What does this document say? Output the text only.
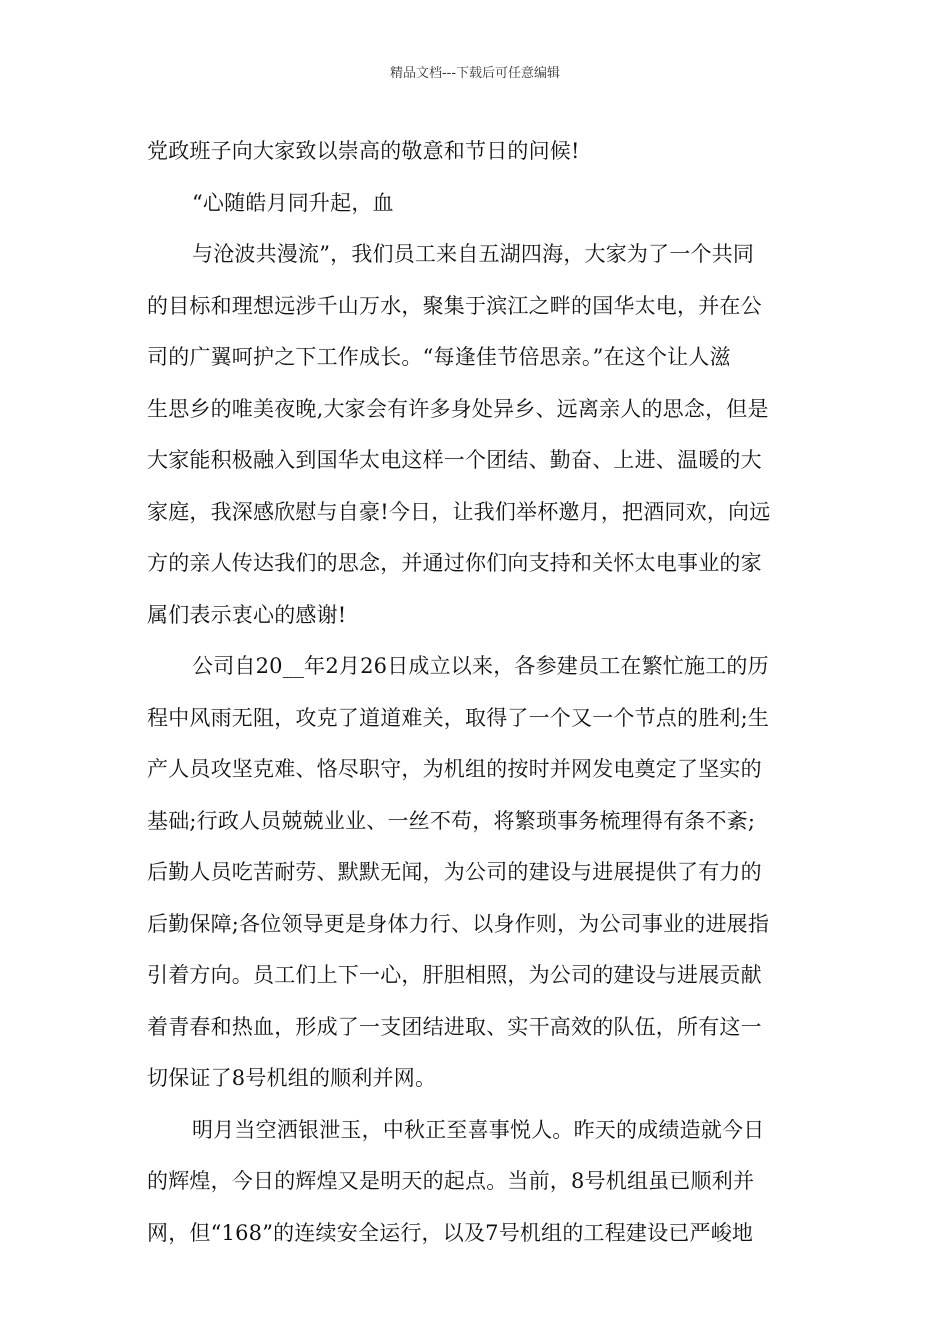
精品文档---下载后可任意编辑
党政班子向大家致以崇高的敬意和节日的问候!
“心随皓月同升起，血
与沧波共漫流”，我们员工来自五湖四海，大家为了一个共同
的目标和理想远涉千山万水，聚集于滨江之畔的国华太电，并在公
司的广翼呵护之下工作成长。“每逢佳节倍思亲。”在这个让人滋
生思乡的唯美夜晚,大家会有许多身处异乡、远离亲人的思念，但是
大家能积极融入到国华太电这样一个团结、勤奋、上进、温暖的大
家庭，我深感欣慰与自豪!今日，让我们举杯邀月，把酒同欢，向远
方的亲人传达我们的思念，并通过你们向支持和关怀太电事业的家
属们表示衷心的感谢!
公司自20__年2月26日成立以来，各参建员工在繁忙施工的历
程中风雨无阻，攻克了道道难关，取得了一个又一个节点的胜利;生
产人员攻坚克难、恪尽职守，为机组的按时并网发电奠定了坚实的
基础;行政人员兢兢业业、一丝不苟，将繁琐事务梳理得有条不紊;
后勤人员吃苦耐劳、默默无闻，为公司的建设与进展提供了有力的
后勤保障;各位领导更是身体力行、以身作则，为公司事业的进展指
引着方向。员工们上下一心，肝胆相照，为公司的建设与进展贡献
着青春和热血，形成了一支团结进取、实干高效的队伍，所有这一
切保证了8号机组的顺利并网。
明月当空洒银泄玉，中秋正至喜事悦人。昨天的成绩造就今日
的辉煌，今日的辉煌又是明天的起点。当前，8号机组虽已顺利并
网，但“168”的连续安全运行，以及7号机组的工程建设已严峻地
